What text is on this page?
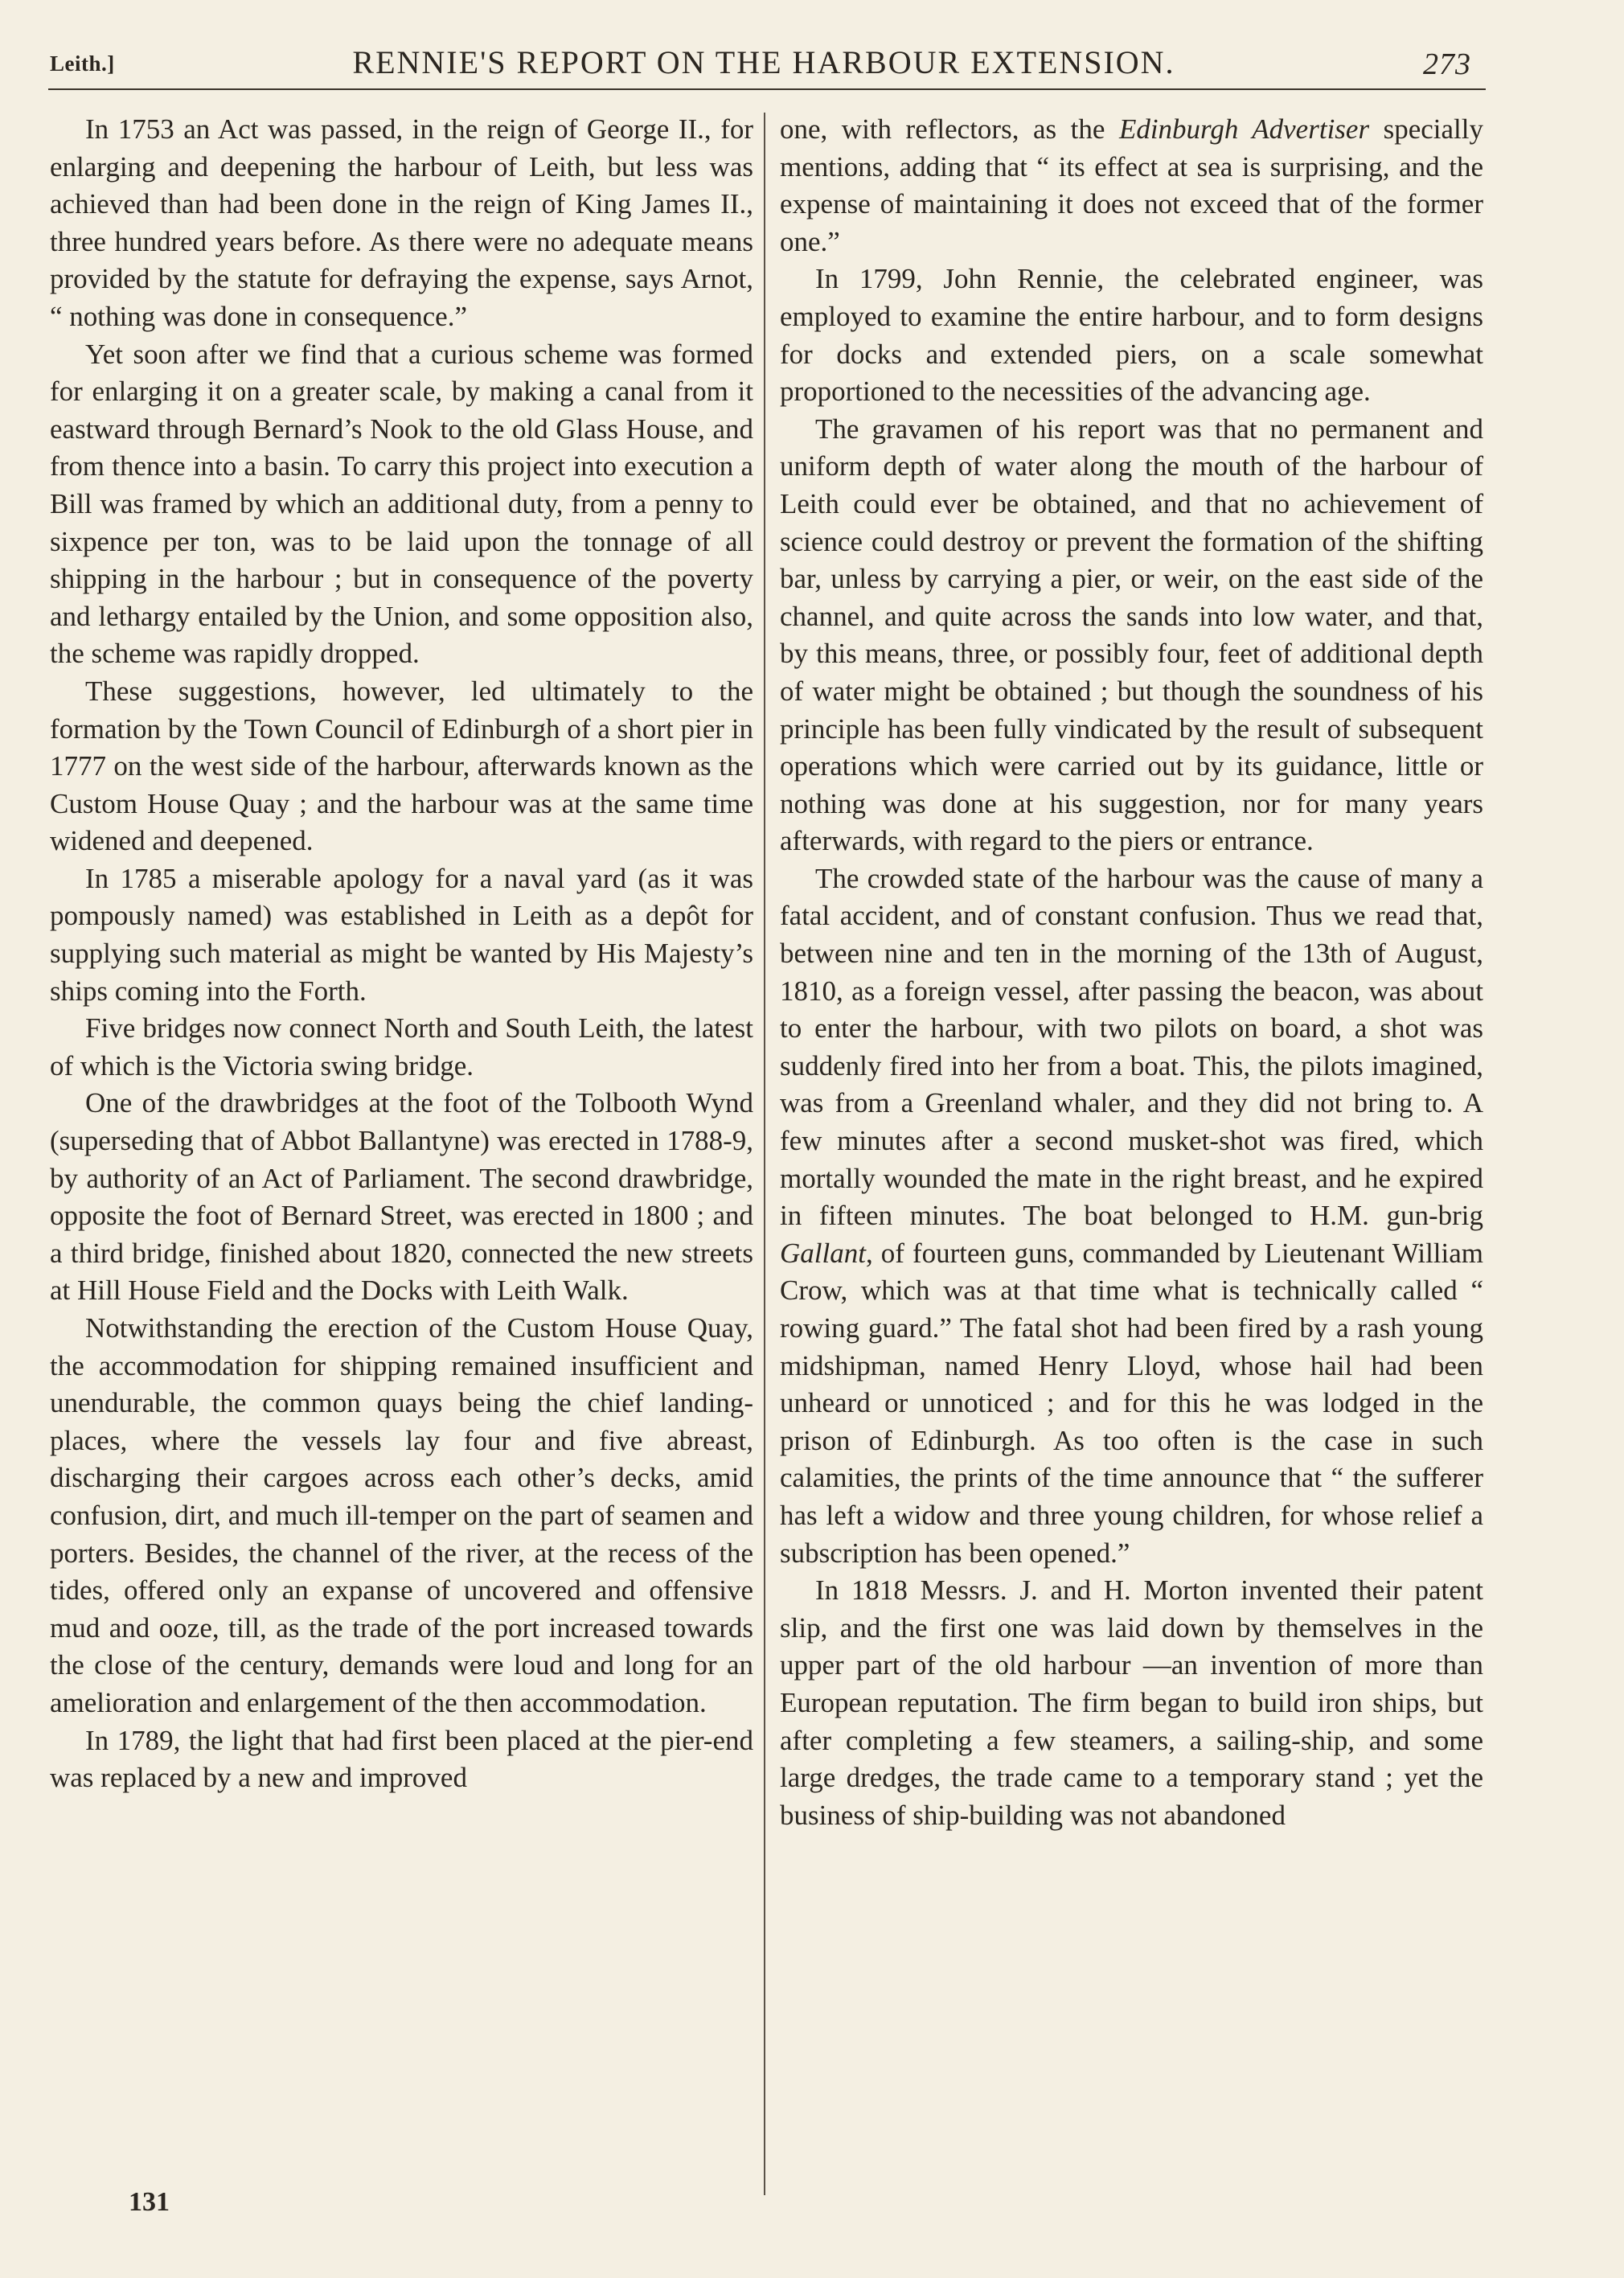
Leith.]	RENNIE'S REPORT ON THE HARBOUR EXTENSION.	273

In 1753 an Act was passed, in the reign of George II., for enlarging and deepening the harbour of Leith, but less was achieved than had been done in the reign of King James II., three hundred years before. As there were no adequate means provided by the statute for defraying the expense, says Arnot, “ nothing was done in consequence.”

Yet soon after we find that a curious scheme was formed for enlarging it on a greater scale, by making a canal from it eastward through Bernard’s Nook to the old Glass House, and from thence into a basin. To carry this project into execution a Bill was framed by which an additional duty, from a penny to sixpence per ton, was to be laid upon the tonnage of all shipping in the harbour ; but in consequence of the poverty and lethargy entailed by the Union, and some opposition also, the scheme was rapidly dropped.

These suggestions, however, led ultimately to the formation by the Town Council of Edinburgh of a short pier in 1777 on the west side of the harbour, afterwards known as the Custom House Quay ; and the harbour was at the same time widened and deepened.

In 1785 a miserable apology for a naval yard (as it was pompously named) was established in Leith as a depôt for supplying such material as might be wanted by His Majesty’s ships coming into the Forth.

Five bridges now connect North and South Leith, the latest of which is the Victoria swing bridge.

One of the drawbridges at the foot of the Tolbooth Wynd (superseding that of Abbot Ballantyne) was erected in 1788-9, by authority of an Act of Parliament. The second drawbridge, opposite the foot of Bernard Street, was erected in 1800 ; and a third bridge, finished about 1820, connected the new streets at Hill House Field and the Docks with Leith Walk.

Notwithstanding the erection of the Custom House Quay, the accommodation for shipping remained insufficient and unendurable, the common quays being the chief landing-places, where the vessels lay four and five abreast, discharging their cargoes across each other’s decks, amid confusion, dirt, and much ill-temper on the part of seamen and porters. Besides, the channel of the river, at the recess of the tides, offered only an expanse of uncovered and offensive mud and ooze, till, as the trade of the port increased towards the close of the century, demands were loud and long for an amelioration and enlargement of the then accommodation.

In 1789, the light that had first been placed at the pier-end was replaced by a new and improved

one, with reflectors, as the Edinburgh Advertiser specially mentions, adding that “ its effect at sea is surprising, and the expense of maintaining it does not exceed that of the former one.”

In 1799, John Rennie, the celebrated engineer, was employed to examine the entire harbour, and to form designs for docks and extended piers, on a scale somewhat proportioned to the necessities of the advancing age.

The gravamen of his report was that no permanent and uniform depth of water along the mouth of the harbour of Leith could ever be obtained, and that no achievement of science could destroy or prevent the formation of the shifting bar, unless by carrying a pier, or weir, on the east side of the channel, and quite across the sands into low water, and that, by this means, three, or possibly four, feet of additional depth of water might be obtained ; but though the soundness of his principle has been fully vindicated by the result of subsequent operations which were carried out by its guidance, little or nothing was done at his suggestion, nor for many years afterwards, with regard to the piers or entrance.

The crowded state of the harbour was the cause of many a fatal accident, and of constant confusion. Thus we read that, between nine and ten in the morning of the 13th of August, 1810, as a foreign vessel, after passing the beacon, was about to enter the harbour, with two pilots on board, a shot was suddenly fired into her from a boat. This, the pilots imagined, was from a Greenland whaler, and they did not bring to. A few minutes after a second musket-shot was fired, which mortally wounded the mate in the right breast, and he expired in fifteen minutes. The boat belonged to H.M. gun-brig Gallant, of fourteen guns, commanded by Lieutenant William Crow, which was at that time what is technically called “ rowing guard.” The fatal shot had been fired by a rash young midshipman, named Henry Lloyd, whose hail had been unheard or unnoticed ; and for this he was lodged in the prison of Edinburgh. As too often is the case in such calamities, the prints of the time announce that “ the sufferer has left a widow and three young children, for whose relief a subscription has been opened.”

In 1818 Messrs. J. and H. Morton invented their patent slip, and the first one was laid down by themselves in the upper part of the old harbour —an invention of more than European reputation. The firm began to build iron ships, but after completing a few steamers, a sailing-ship, and some large dredges, the trade came to a temporary stand ; yet the business of ship-building was not abandoned

131
